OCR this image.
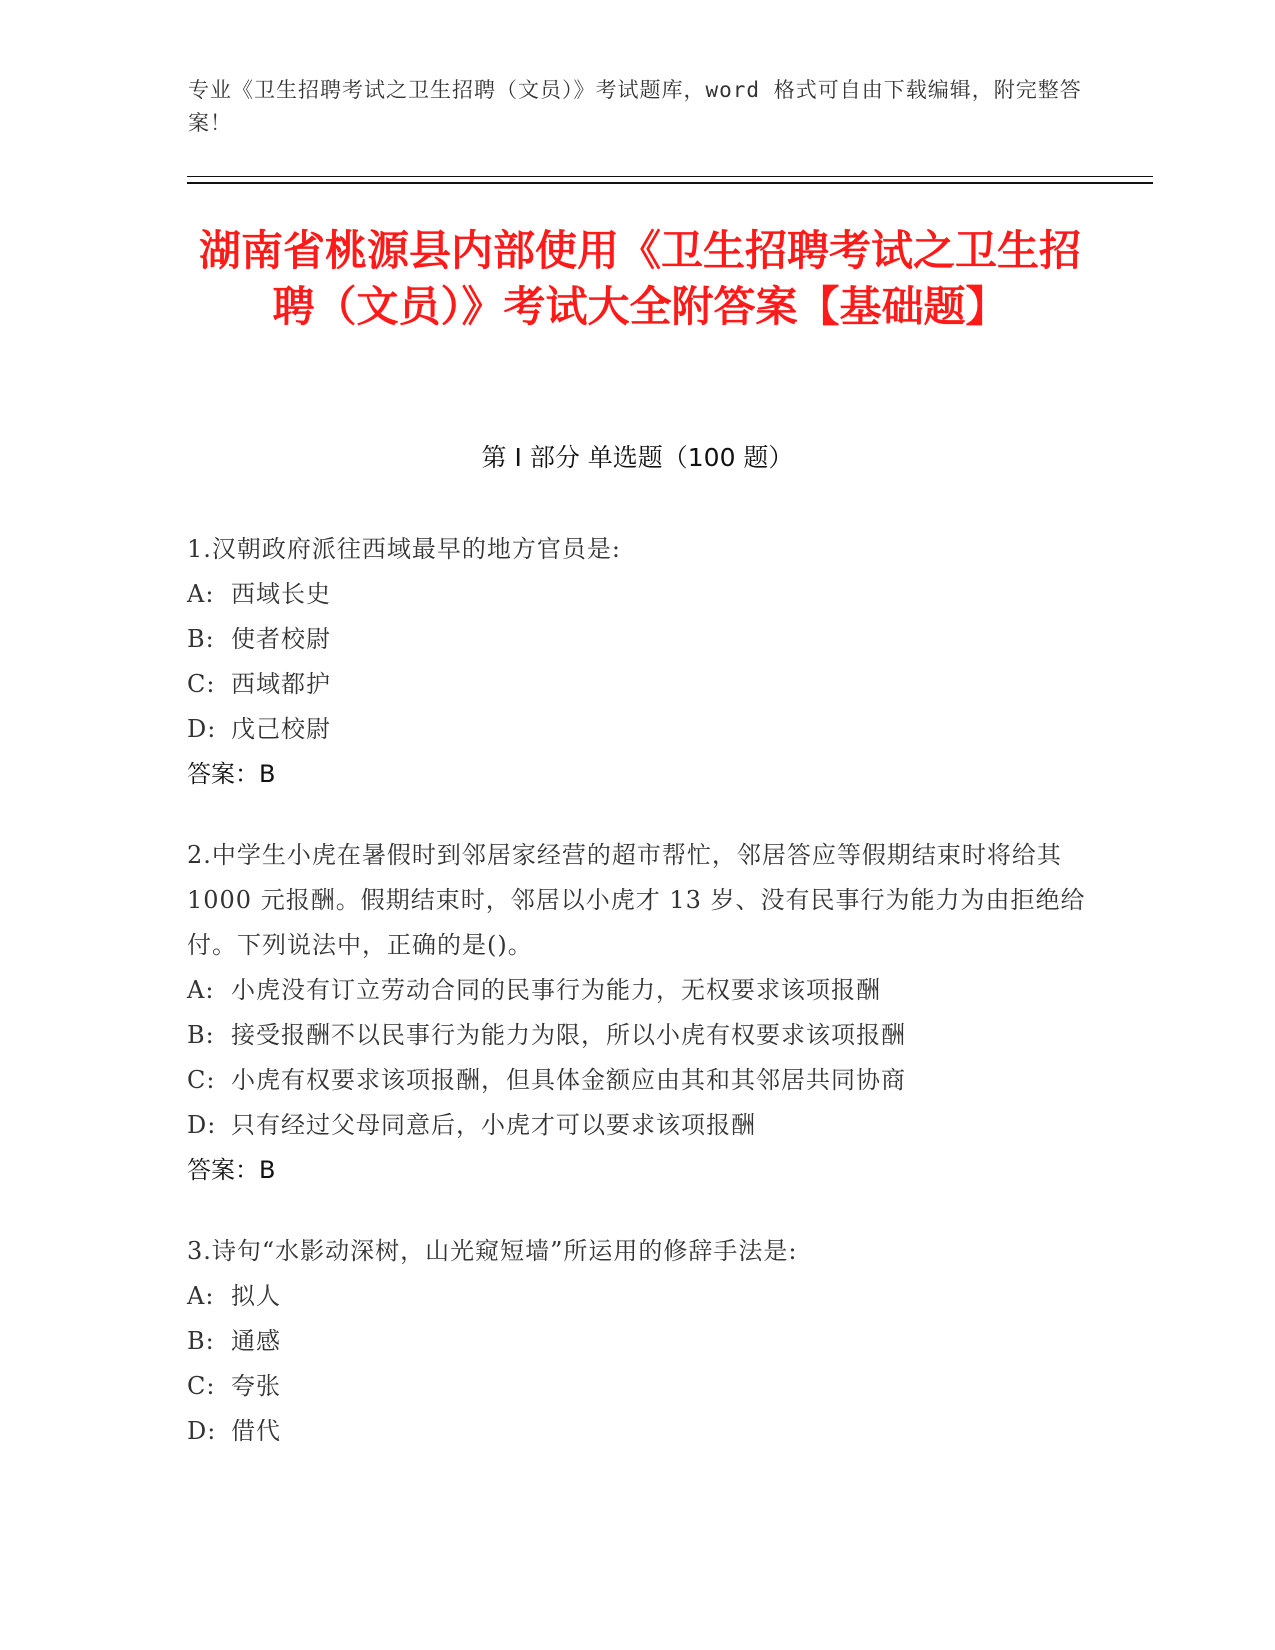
专业《卫生招聘考试之卫生招聘（文员）》考试题库，word 格式可自由下载编辑，附完整答案！
湖南省桃源县内部使用《卫生招聘考试之卫生招聘（文员）》考试大全附答案【基础题】
第 I 部分 单选题（100 题）
1.汉朝政府派往西域最早的地方官员是:
A: 西域长史
B: 使者校尉
C: 西域都护
D: 戊己校尉
答案：B
2.中学生小虎在暑假时到邻居家经营的超市帮忙，邻居答应等假期结束时将给其 1000 元报酬。假期结束时，邻居以小虎才 13 岁、没有民事行为能力为由拒绝给付。下列说法中，正确的是()。
A: 小虎没有订立劳动合同的民事行为能力，无权要求该项报酬
B: 接受报酬不以民事行为能力为限，所以小虎有权要求该项报酬
C: 小虎有权要求该项报酬，但具体金额应由其和其邻居共同协商
D: 只有经过父母同意后，小虎才可以要求该项报酬
答案：B
3.诗句“水影动深树，山光窥短墙”所运用的修辞手法是:
A: 拟人
B: 通感
C: 夸张
D: 借代
